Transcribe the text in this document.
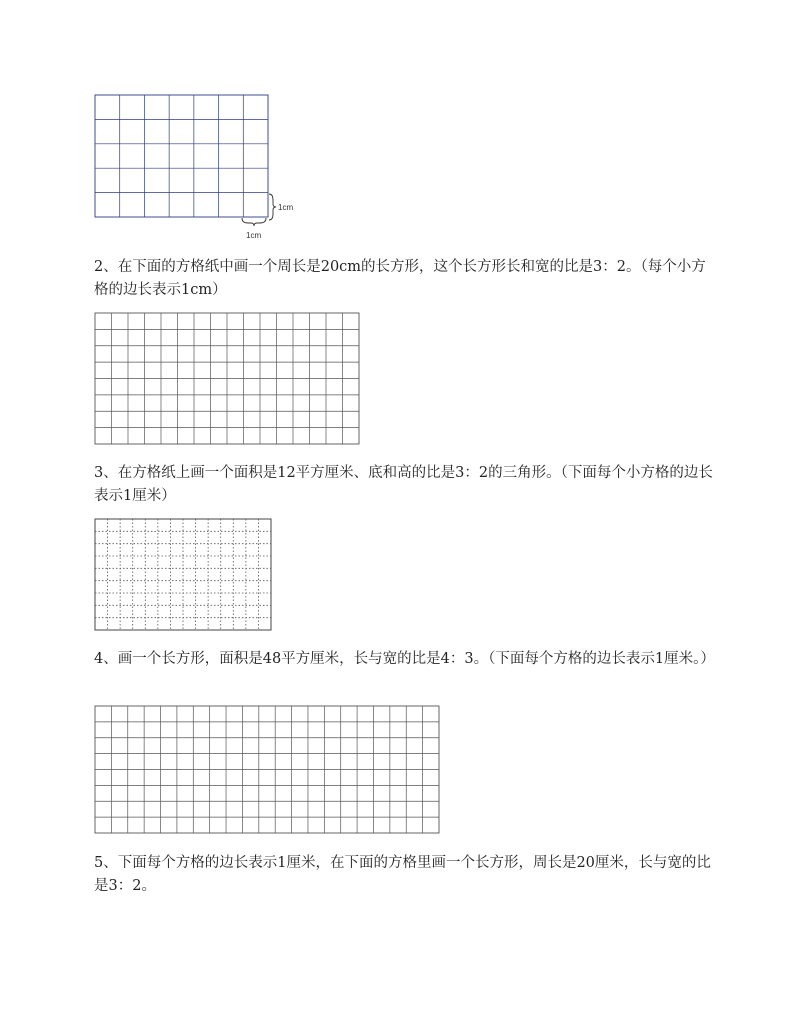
1cm
1cm

2、在下面的方格纸中画一个周长是20cm的长方形，这个长方形长和宽的比是3：2。（每个小方格的边长表示1cm）

3、在方格纸上画一个面积是12平方厘米、底和高的比是3：2的三角形。（下面每个小方格的边长表示1厘米）

4、画一个长方形，面积是48平方厘米，长与宽的比是4：3。（下面每个方格的边长表示1厘米。）

5、下面每个方格的边长表示1厘米，在下面的方格里画一个长方形，周长是20厘米，长与宽的比是3：2。
